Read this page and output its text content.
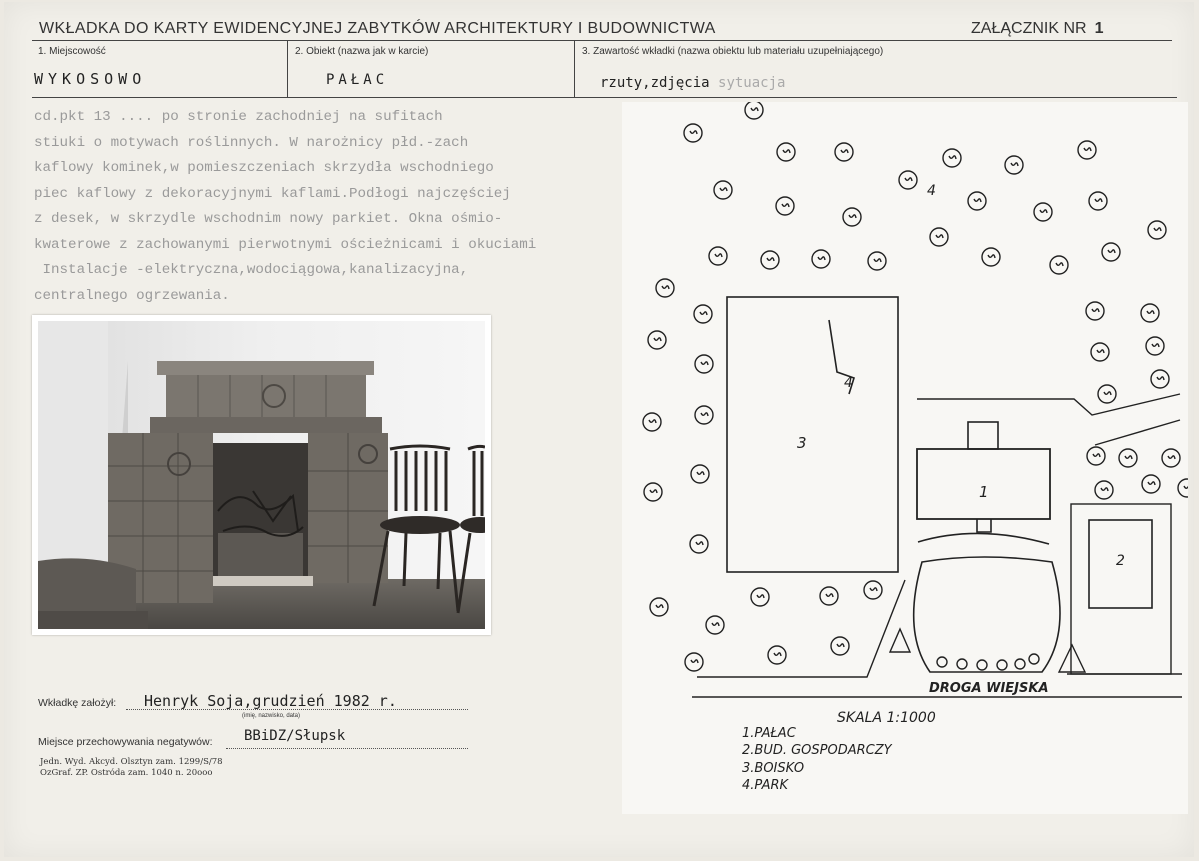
WKŁADKA DO KARTY EWIDENCYJNEJ ZABYTKÓW ARCHITEKTURY I BUDOWNICTWA	ZAŁĄCZNIK NR 1
1. Miejscowość
WYKOSOWO
2. Obiekt (nazwa jak w karcie)
PAŁAC
3. Zawartość wkładki (nazwa obiektu lub materiału uzupełniającego)
rzuty,zdjęcia sytuacja
cd.pkt 13 .... po stronie zachodniej na sufitach
stiuki o motywach roślinnych. W narożnicy płd.-zach
kaflowy kominek,w pomieszczeniach skrzydła wschodniego
piec kaflowy z dekoracyjnymi kaflami.Podłogi najczęściej
z desek, w skrzydle wschodnim nowy parkiet. Okna ośmio-
kwaterowe z zachowanymi pierwotnymi ościeżnicami i okuciami
Instalacje -elektryczna,wodociągowa,kanalizacyjna,
centralnego ogrzewania.
Wkładkę założył: Henryk Soja,grudzień 1982 r.
(imię, nazwisko, data)
Miejsce przechowywania negatywów: BBiDZ/Słupsk
Jedn. Wyd. Akcyd. Olsztyn zam. 1299/S/78
OzGraf. ZP. Ostróda zam. 1040 n. 20ooo
3
4
4
1
2
DROGA WIEJSKA
SKALA 1:1000
1.PAŁAC
2.BUD. GOSPODARCZY
3.BOISKO
4.PARK
